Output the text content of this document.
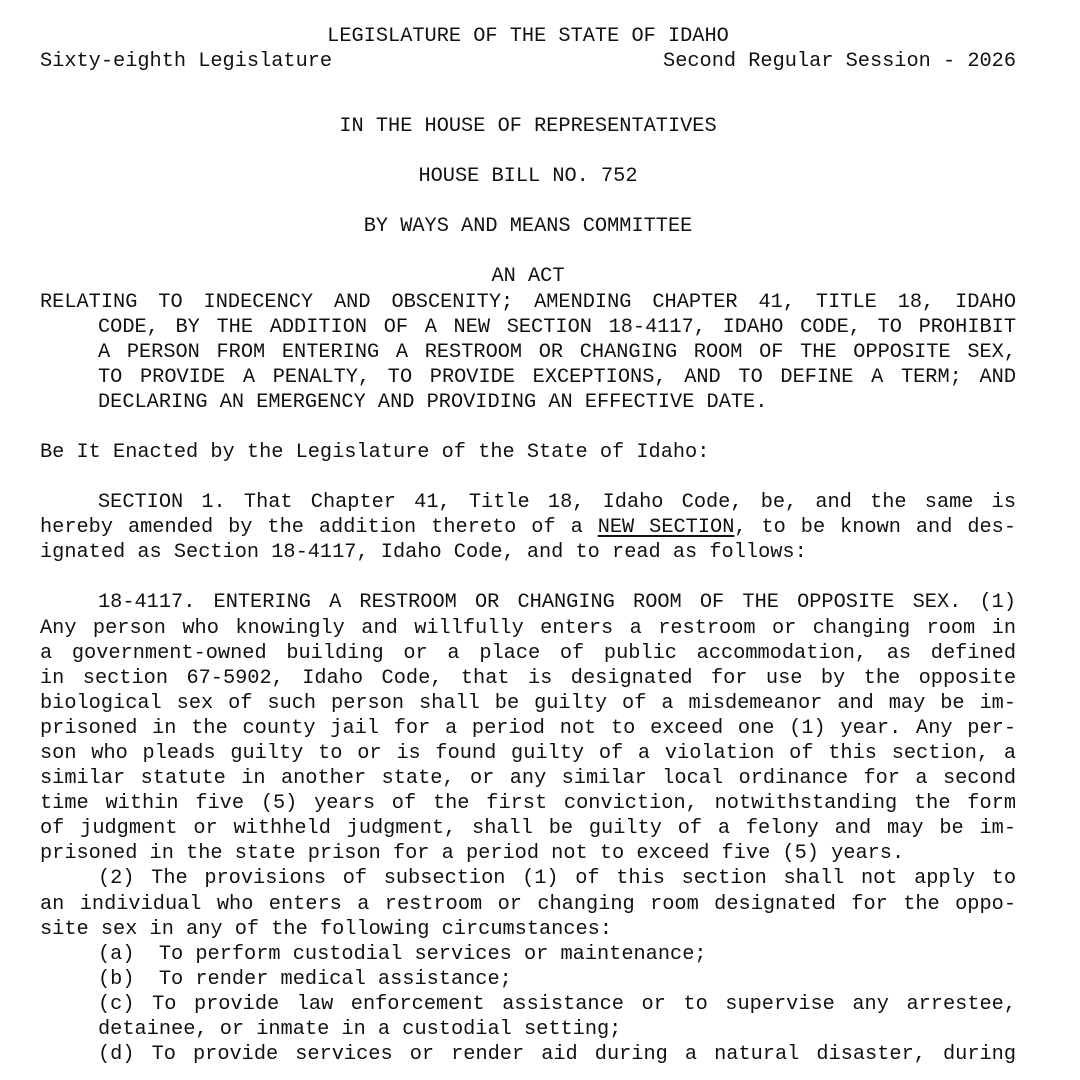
LEGISLATURE OF THE STATE OF IDAHO
Sixty-eighth Legislature	Second Regular Session - 2026
IN THE HOUSE OF REPRESENTATIVES
HOUSE BILL NO. 752
BY WAYS AND MEANS COMMITTEE
AN ACT
RELATING TO INDECENCY AND OBSCENITY; AMENDING CHAPTER 41, TITLE 18, IDAHO
CODE, BY THE ADDITION OF A NEW SECTION 18-4117, IDAHO CODE, TO PROHIBIT
A PERSON FROM ENTERING A RESTROOM OR CHANGING ROOM OF THE OPPOSITE SEX,
TO PROVIDE A PENALTY, TO PROVIDE EXCEPTIONS, AND TO DEFINE A TERM; AND
DECLARING AN EMERGENCY AND PROVIDING AN EFFECTIVE DATE.
Be It Enacted by the Legislature of the State of Idaho:
SECTION 1. That Chapter 41, Title 18, Idaho Code, be, and the same is
hereby amended by the addition thereto of a NEW SECTION, to be known and des-
ignated as Section 18-4117, Idaho Code, and to read as follows:
18-4117. ENTERING A RESTROOM OR CHANGING ROOM OF THE OPPOSITE SEX. (1)
Any person who knowingly and willfully enters a restroom or changing room in
a government-owned building or a place of public accommodation, as defined
in section 67-5902, Idaho Code, that is designated for use by the opposite
biological sex of such person shall be guilty of a misdemeanor and may be im-
prisoned in the county jail for a period not to exceed one (1) year. Any per-
son who pleads guilty to or is found guilty of a violation of this section, a
similar statute in another state, or any similar local ordinance for a second
time within five (5) years of the first conviction, notwithstanding the form
of judgment or withheld judgment, shall be guilty of a felony and may be im-
prisoned in the state prison for a period not to exceed five (5) years.
(2) The provisions of subsection (1) of this section shall not apply to
an individual who enters a restroom or changing room designated for the oppo-
site sex in any of the following circumstances:
(a)  To perform custodial services or maintenance;
(b)  To render medical assistance;
(c) To provide law enforcement assistance or to supervise any arrestee,
detainee, or inmate in a custodial setting;
(d) To provide services or render aid during a natural disaster, during
